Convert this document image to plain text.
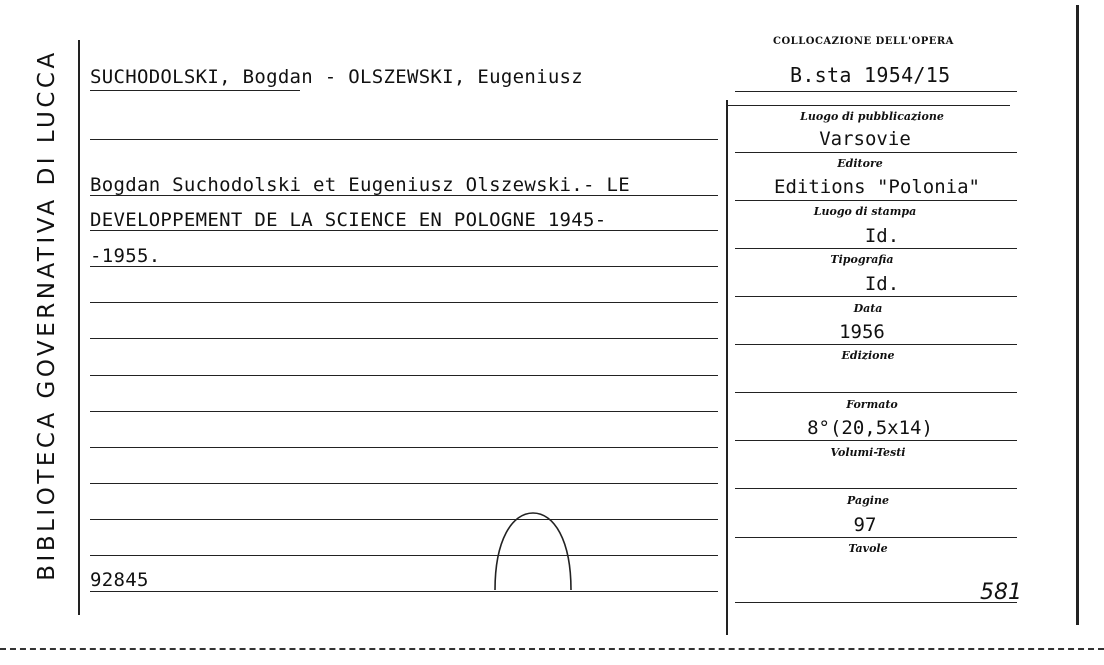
BIBLIOTECA GOVERNATIVA DI LUCCA
COLLOCAZIONE DELL'OPERA
B.sta 1954/15
SUCHODOLSKI, Bogdan - OLSZEWSKI, Eugeniusz
Bogdan Suchodolski et Eugeniusz Olszewski.- LE
DEVELOPPEMENT DE LA SCIENCE EN POLOGNE 1945-
-1955.
92845
Luogo di pubblicazione
Varsovie
Editore
Editions "Polonia"
Luogo di stampa
Id.
Tipografia
Id.
Data
1956
Edizione
Formato
8°(20,5x14)
Volumi-Testi
Pagine
97
Tavole
581
